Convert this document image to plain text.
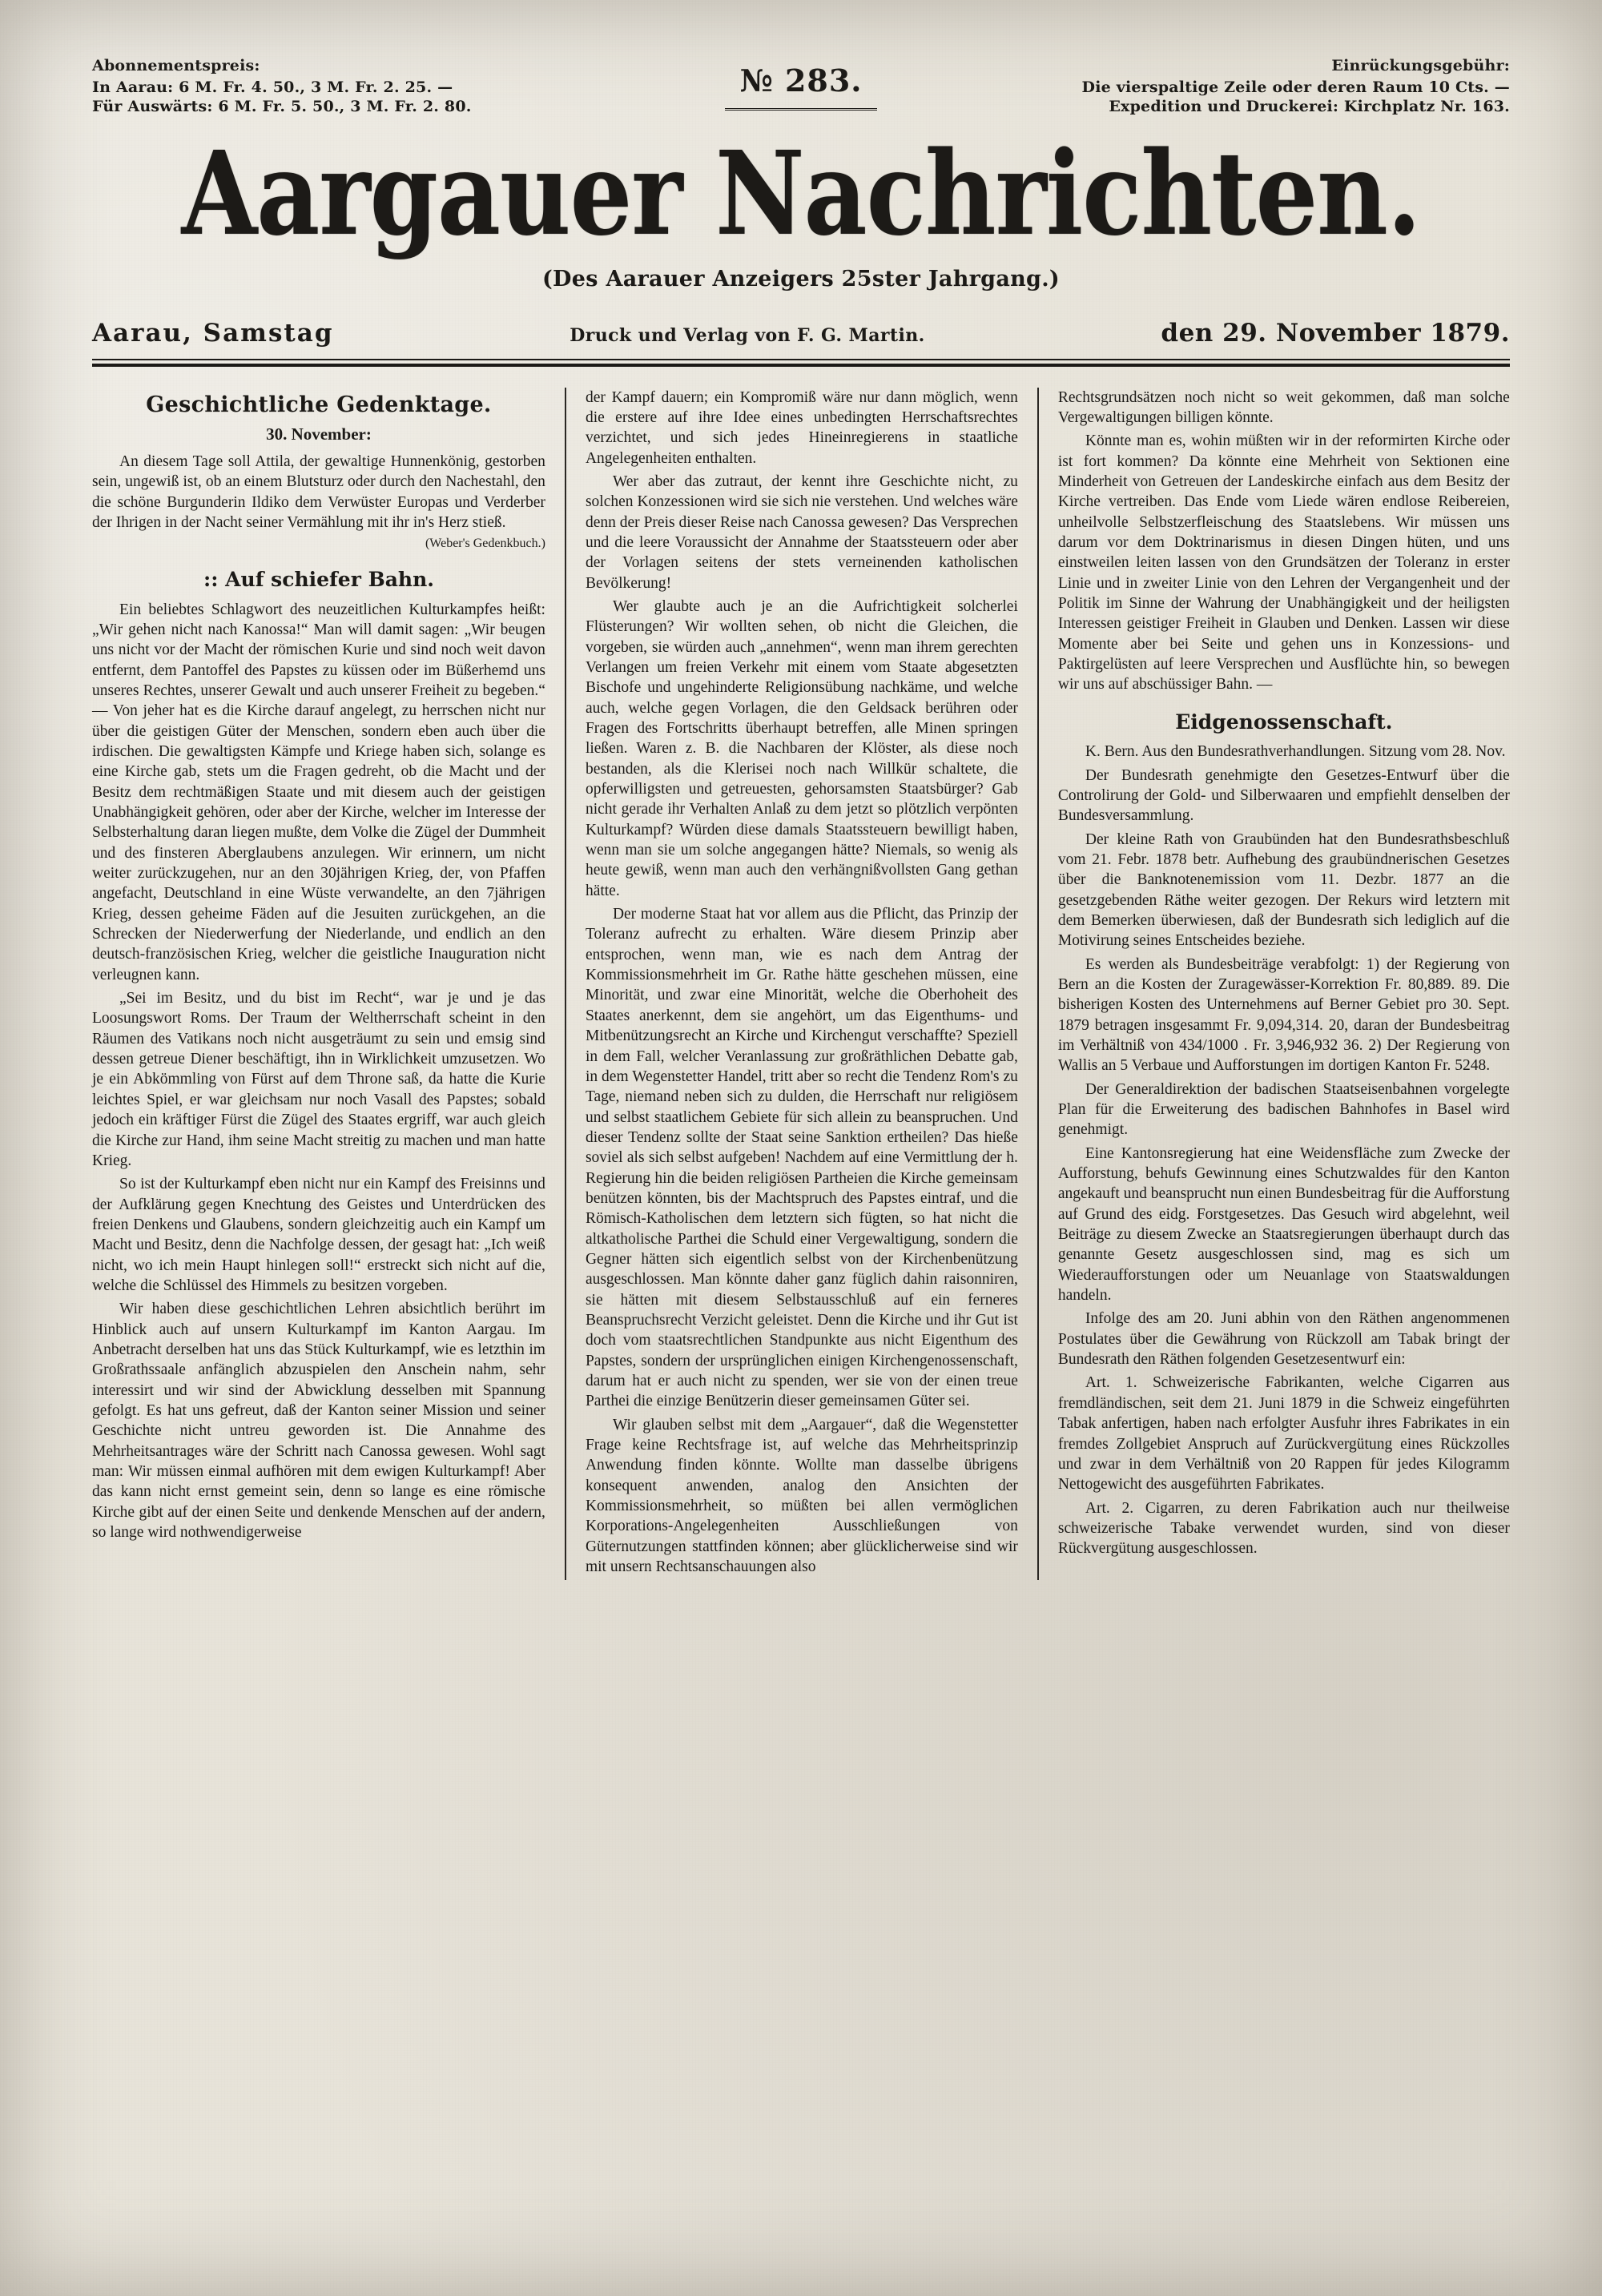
Abonnementspreis:
In Aarau: 6 M. Fr. 4. 50., 3 M. Fr. 2. 25. —
Für Auswärts: 6 M. Fr. 5. 50., 3 M. Fr. 2. 80.
№ 283.	Einrückungsgebühr:
Die vierspaltige Zeile oder deren Raum 10 Cts. —
Expedition und Druckerei: Kirchplatz Nr. 163.
Aargauer Nachrichten.
(Des Aarauer Anzeigers 25ster Jahrgang.)
Aarau, Samstag	Druck und Verlag von F. G. Martin.	den 29. November 1879.
Geschichtliche Gedenktage.
30. November:

An diesem Tage soll Attila, der gewaltige Hunnenkönig, gestorben sein, ungewiß ist, ob an einem Blutsturz oder durch den Nachestahl, den die schöne Burgunderin Ildiko dem Verwüster Europas und Verderber der Ihrigen in der Nacht seiner Vermählung mit ihr in's Herz stieß.

(Weber's Gedenkbuch.)
:: Auf schiefer Bahn.

Ein beliebtes Schlagwort des neuzeitlichen Kulturkampfes heißt: „Wir gehen nicht nach Kanossa!“ Man will damit sagen: „Wir beugen uns nicht vor der Macht der römischen Kurie und sind noch weit davon entfernt, dem Pantoffel des Papstes zu küssen oder im Büßerhemd uns unseres Rechtes, unserer Gewalt und auch unserer Freiheit zu begeben.“ — Von jeher hat es die Kirche darauf angelegt, zu herrschen nicht nur über die geistigen Güter der Menschen, sondern eben auch über die irdischen. Die gewaltigsten Kämpfe und Kriege haben sich, solange es eine Kirche gab, stets um die Fragen gedreht, ob die Macht und der Besitz dem rechtmäßigen Staate und mit diesem auch der geistigen Unabhängigkeit gehören, oder aber der Kirche, welcher im Interesse der Selbsterhaltung daran liegen mußte, dem Volke die Zügel der Dummheit und des finsteren Aberglaubens anzulegen. Wir erinnern, um nicht weiter zurückzugehen, nur an den 30jährigen Krieg, der, von Pfaffen angefacht, Deutschland in eine Wüste verwandelte, an den 7jährigen Krieg, dessen geheime Fäden auf die Jesuiten zurückgehen, an die Schrecken der Niederwerfung der Niederlande, und endlich an den deutsch-französischen Krieg, welcher die geistliche Inauguration nicht verleugnen kann.

„Sei im Besitz, und du bist im Recht“, war je und je das Loosungswort Roms. Der Traum der Weltherrschaft scheint in den Räumen des Vatikans noch nicht ausgeträumt zu sein und emsig sind dessen getreue Diener beschäftigt, ihn in Wirklichkeit umzusetzen. Wo je ein Abkömmling von Fürst auf dem Throne saß, da hatte die Kurie leichtes Spiel, er war gleichsam nur noch Vasall des Papstes; sobald jedoch ein kräftiger Fürst die Zügel des Staates ergriff, war auch gleich die Kirche zur Hand, ihm seine Macht streitig zu machen und man hatte Krieg.

So ist der Kulturkampf eben nicht nur ein Kampf des Freisinns und der Aufklärung gegen Knechtung des Geistes und Unterdrücken des freien Denkens und Glaubens, sondern gleichzeitig auch ein Kampf um Macht und Besitz, denn die Nachfolge dessen, der gesagt hat: „Ich weiß nicht, wo ich mein Haupt hinlegen soll!“ erstreckt sich nicht auf die, welche die Schlüssel des Himmels zu besitzen vorgeben.

Wir haben diese geschichtlichen Lehren absichtlich berührt im Hinblick auch auf unsern Kulturkampf im Kanton Aargau. Im Anbetracht derselben hat uns das Stück Kulturkampf, wie es letzthin im Großrathssaale anfänglich abzuspielen den Anschein nahm, sehr interessirt und wir sind der Abwicklung desselben mit Spannung gefolgt. Es hat uns gefreut, daß der Kanton seiner Mission und seiner Geschichte nicht untreu geworden ist. Die Annahme des Mehrheitsantrages wäre der Schritt nach Canossa gewesen. Wohl sagt man: Wir müssen einmal aufhören mit dem ewigen Kulturkampf! Aber das kann nicht ernst gemeint sein, denn so lange es eine römische Kirche gibt auf der einen Seite und denkende Menschen auf der andern, so lange wird nothwendigerweise

der Kampf dauern; ein Kompromiß wäre nur dann möglich, wenn die erstere auf ihre Idee eines unbedingten Herrschaftsrechtes verzichtet, und sich jedes Hineinregierens in staatliche Angelegenheiten enthalten.

Wer aber das zutraut, der kennt ihre Geschichte nicht, zu solchen Konzessionen wird sie sich nie verstehen. Und welches wäre denn der Preis dieser Reise nach Canossa gewesen? Das Versprechen und die leere Voraussicht der Annahme der Staatssteuern oder aber der Vorlagen seitens der stets verneinenden katholischen Bevölkerung!

Wer glaubte auch je an die Aufrichtigkeit solcherlei Flüsterungen? Wir wollten sehen, ob nicht die Gleichen, die vorgeben, sie würden auch „annehmen“, wenn man ihrem gerechten Verlangen um freien Verkehr mit einem vom Staate abgesetzten Bischofe und ungehinderte Religionsübung nachkäme, und welche auch, welche gegen Vorlagen, die den Geldsack berühren oder Fragen des Fortschritts überhaupt betreffen, alle Minen springen ließen. Waren z. B. die Nachbaren der Klöster, als diese noch bestanden, als die Klerisei noch nach Willkür schaltete, die opferwilligsten und getreuesten, gehorsamsten Staatsbürger? Gab nicht gerade ihr Verhalten Anlaß zu dem jetzt so plötzlich verpönten Kulturkampf? Würden diese damals Staatssteuern bewilligt haben, wenn man sie um solche angegangen hätte? Niemals, so wenig als heute gewiß, wenn man auch den verhängnißvollsten Gang gethan hätte.

Der moderne Staat hat vor allem aus die Pflicht, das Prinzip der Toleranz aufrecht zu erhalten. Wäre diesem Prinzip aber entsprochen, wenn man, wie es nach dem Antrag der Kommissionsmehrheit im Gr. Rathe hätte geschehen müssen, eine Minorität, und zwar eine Minorität, welche die Oberhoheit des Staates anerkennt, dem sie angehört, um das Eigenthums- und Mitbenützungsrecht an Kirche und Kirchengut verschaffte? Speziell in dem Fall, welcher Veranlassung zur großräthlichen Debatte gab, in dem Wegenstetter Handel, tritt aber so recht die Tendenz Rom's zu Tage, niemand neben sich zu dulden, die Herrschaft nur religiösem und selbst staatlichem Gebiete für sich allein zu beanspruchen. Und dieser Tendenz sollte der Staat seine Sanktion ertheilen? Das hieße soviel als sich selbst aufgeben! Nachdem auf eine Vermittlung der h. Regierung hin die beiden religiösen Partheien die Kirche gemeinsam benützen könnten, bis der Machtspruch des Papstes eintraf, und die Römisch-Katholischen dem letztern sich fügten, so hat nicht die altkatholische Parthei die Schuld einer Vergewaltigung, sondern die Gegner hätten sich eigentlich selbst von der Kirchenbenützung ausgeschlossen. Man könnte daher ganz füglich dahin raisonniren, sie hätten mit diesem Selbstausschluß auf ein ferneres Beanspruchsrecht Verzicht geleistet. Denn die Kirche und ihr Gut ist doch vom staatsrechtlichen Standpunkte aus nicht Eigenthum des Papstes, sondern der ursprünglichen einigen Kirchengenossenschaft, darum hat er auch nicht zu spenden, wer sie von der einen treue Parthei die einzige Benützerin dieser gemeinsamen Güter sei.

Wir glauben selbst mit dem „Aargauer“, daß die Wegenstetter Frage keine Rechtsfrage ist, auf welche das Mehrheitsprinzip Anwendung finden könnte. Wollte man dasselbe übrigens konsequent anwenden, analog den Ansichten der Kommissionsmehrheit, so müßten bei allen vermöglichen Korporations-Angelegenheiten Ausschließungen von Güternutzungen stattfinden können; aber glücklicherweise sind wir mit unsern Rechtsanschauungen also

Rechtsgrundsätzen noch nicht so weit gekommen, daß man solche Vergewaltigungen billigen könnte.

Könnte man es, wohin müßten wir in der reformirten Kirche oder ist fort kommen? Da könnte eine Mehrheit von Sektionen eine Minderheit von Getreuen der Landeskirche einfach aus dem Besitz der Kirche vertreiben. Das Ende vom Liede wären endlose Reibereien, unheilvolle Selbstzerfleischung des Staatslebens. Wir müssen uns darum vor dem Doktrinarismus in diesen Dingen hüten, und uns einstweilen leiten lassen von den Grundsätzen der Toleranz in erster Linie und in zweiter Linie von den Lehren der Vergangenheit und der Politik im Sinne der Wahrung der Unabhängigkeit und der heiligsten Interessen geistiger Freiheit in Glauben und Denken. Lassen wir diese Momente aber bei Seite und gehen uns in Konzessions- und Paktirgelüsten auf leere Versprechen und Ausflüchte hin, so bewegen wir uns auf abschüssiger Bahn. —

Eidgenossenschaft.

K. Bern. Aus den Bundesrathverhandlungen. Sitzung vom 28. Nov.

Der Bundesrath genehmigte den Gesetzes-Entwurf über die Controlirung der Gold- und Silberwaaren und empfiehlt denselben der Bundesversammlung.

Der kleine Rath von Graubünden hat den Bundesrathsbeschluß vom 21. Febr. 1878 betr. Aufhebung des graubündnerischen Gesetzes über die Banknotenemission vom 11. Dezbr. 1877 an die gesetzgebenden Räthe weiter gezogen. Der Rekurs wird letztern mit dem Bemerken überwiesen, daß der Bundesrath sich lediglich auf die Motivirung seines Entscheides beziehe.

Es werden als Bundesbeiträge verabfolgt: 1) der Regierung von Bern an die Kosten der Zuragewässer-Korrektion Fr. 80,889. 89. Die bisherigen Kosten des Unternehmens auf Berner Gebiet pro 30. Sept. 1879 betragen insgesammt Fr. 9,094,314. 20, daran der Bundesbeitrag im Verhältniß von 434/1000 . Fr. 3,946,932 36. 2) Der Regierung von Wallis an 5 Verbaue und Aufforstungen im dortigen Kanton Fr. 5248.

Der Generaldirektion der badischen Staatseisenbahnen vorgelegte Plan für die Erweiterung des badischen Bahnhofes in Basel wird genehmigt.

Eine Kantonsregierung hat eine Weidensfläche zum Zwecke der Aufforstung, behufs Gewinnung eines Schutzwaldes für den Kanton angekauft und beansprucht nun einen Bundesbeitrag für die Aufforstung auf Grund des eidg. Forstgesetzes. Das Gesuch wird abgelehnt, weil Beiträge zu diesem Zwecke an Staatsregierungen überhaupt durch das genannte Gesetz ausgeschlossen sind, mag es sich um Wiederaufforstungen oder um Neuanlage von Staatswaldungen handeln.

Infolge des am 20. Juni abhin von den Räthen angenommenen Postulates über die Gewährung von Rückzoll am Tabak bringt der Bundesrath den Räthen folgenden Gesetzesentwurf ein:

Art. 1. Schweizerische Fabrikanten, welche Cigarren aus fremdländischen, seit dem 21. Juni 1879 in die Schweiz eingeführten Tabak anfertigen, haben nach erfolgter Ausfuhr ihres Fabrikates in ein fremdes Zollgebiet Anspruch auf Zurückvergütung eines Rückzolles und zwar in dem Verhältniß von 20 Rappen für jedes Kilogramm Nettogewicht des ausgeführten Fabrikates.

Art. 2. Cigarren, zu deren Fabrikation auch nur theilweise schweizerische Tabake verwendet wurden, sind von dieser Rückvergütung ausgeschlossen.
